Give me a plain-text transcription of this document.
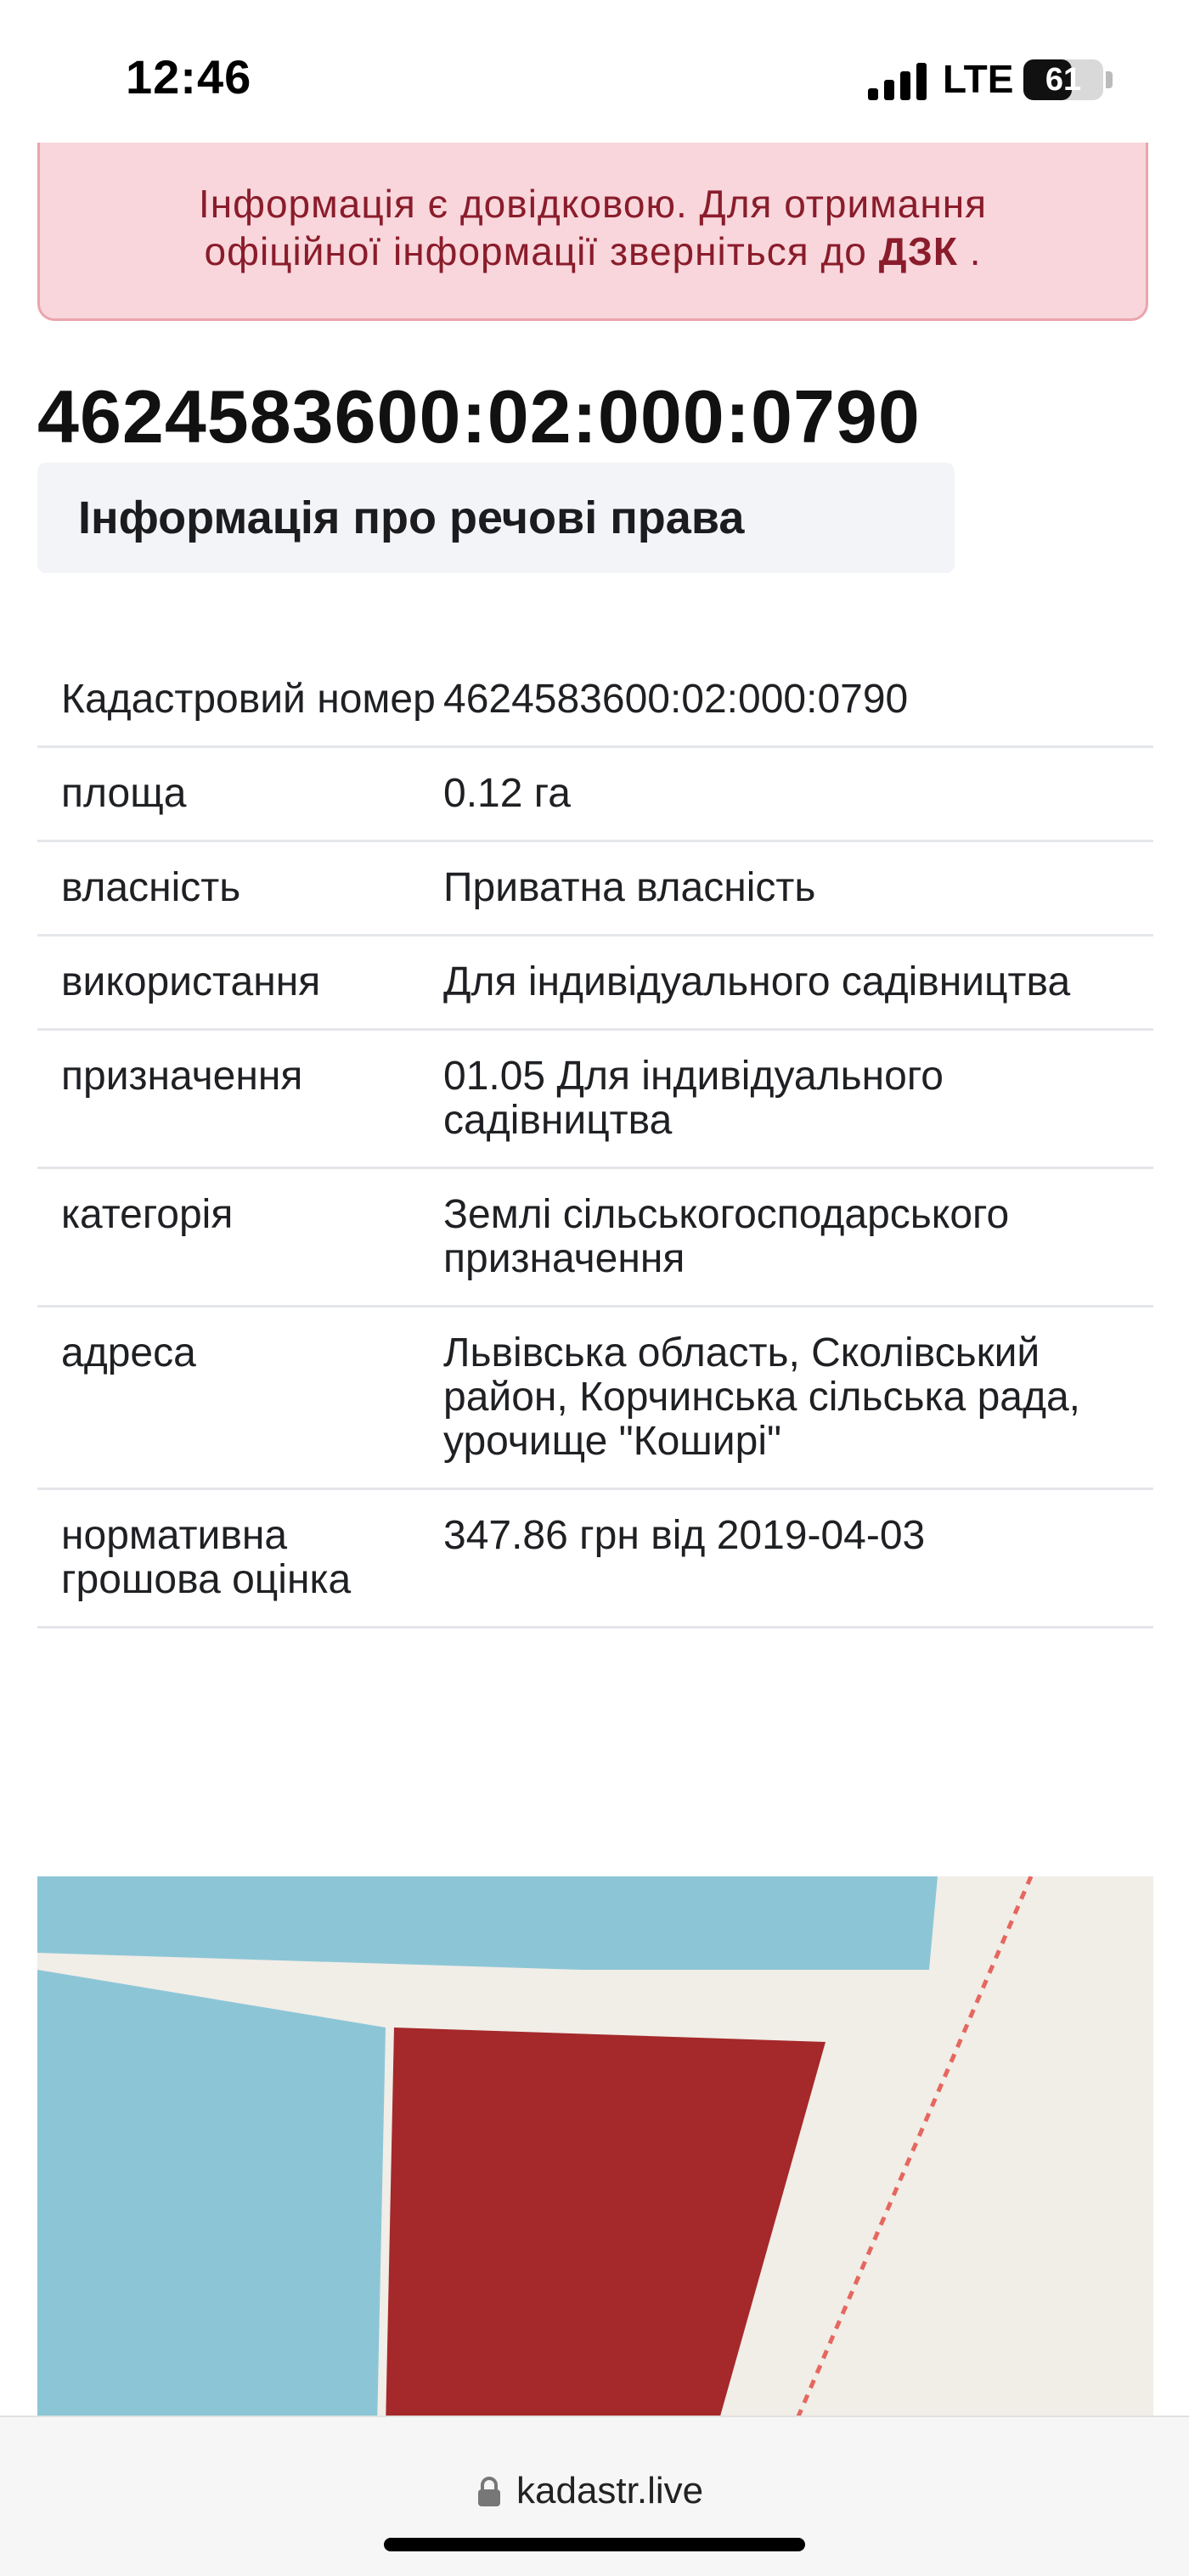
12:46	LTE 61
Інформація є довідковою. Для отримання
офіційної інформації зверніться до ДЗК .
4624583600:02:000:0790
Інформація про речові права
Кадастровий номер	4624583600:02:000:0790
площа	0.12 га
власність	Приватна власність
використання	Для індивідуального садівництва
призначення	01.05 Для індивідуального садівництва
категорія	Землі сільськогосподарського призначення
адреса	Львівська область, Сколівський район, Корчинська сільська рада, урочище "Коширі"
нормативна грошова оцінка	347.86 грн від 2019-04-03
kadastr.live
